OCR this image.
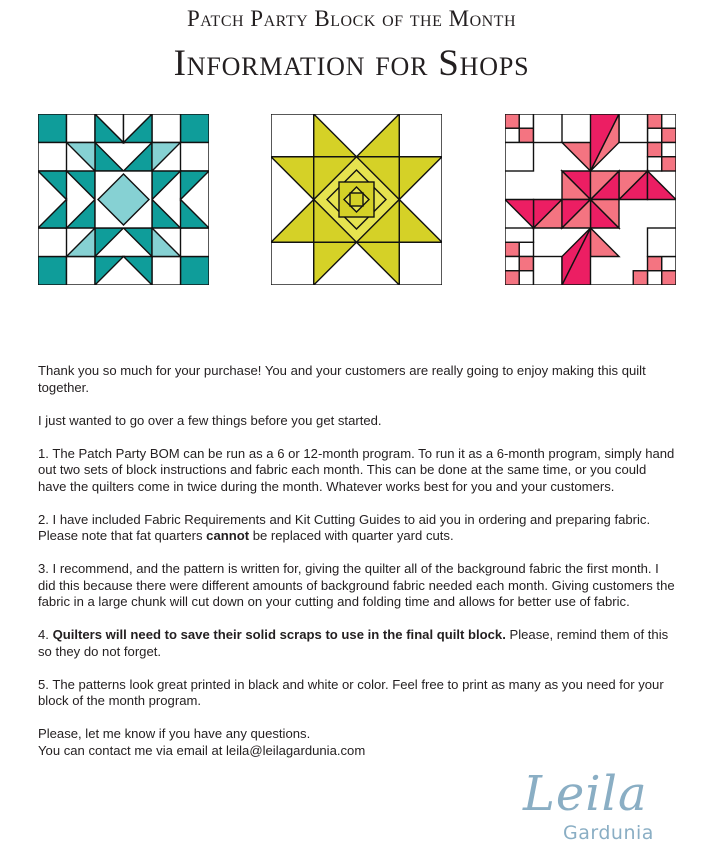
Patch Party Block of the Month
Information for Shops

Thank you so much for your purchase! You and your customers are really going to enjoy making this quilt together.

I just wanted to go over a few things before you get started.

1. The Patch Party BOM can be run as a 6 or 12-month program. To run it as a 6-month program, simply hand out two sets of block instructions and fabric each month. This can be done at the same time, or you could have the quilters come in twice during the month. Whatever works best for you and your customers.

2. I have included Fabric Requirements and Kit Cutting Guides to aid you in ordering and preparing fabric. Please note that fat quarters cannot be replaced with quarter yard cuts.

3. I recommend, and the pattern is written for, giving the quilter all of the background fabric the first month. I did this because there were different amounts of background fabric needed each month. Giving customers the fabric in a large chunk will cut down on your cutting and folding time and allows for better use of fabric.

4. Quilters will need to save their solid scraps to use in the final quilt block. Please, remind them of this so they do not forget.

5. The patterns look great printed in black and white or color. Feel free to print as many as you need for your block of the month program.

Please, let me know if you have any questions.

You can contact me via email at leila@leilagardunia.com

Leila
Gardunia
